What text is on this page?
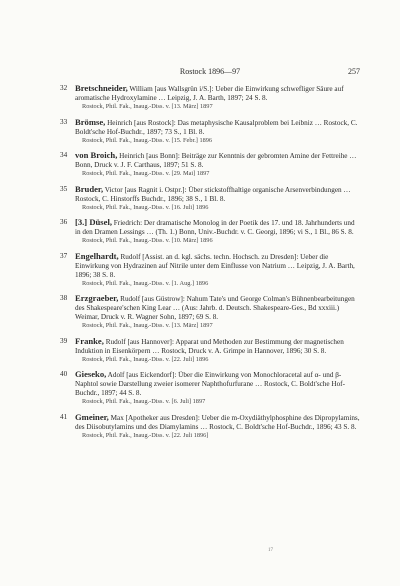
Rostock 1896—97	257
32 Bretschneider, William [aus Wallsgrün i/S.]: Ueber die Einwirkung schwefliger Säure auf aromatische Hydroxylamine … Leipzig, J. A. Barth, 1897; 24 S. 8.
Rostock, Phil. Fak., Inaug.-Diss. v. [13. März] 1897
33 Brömse, Heinrich [aus Rostock]: Das metaphysische Kausalproblem bei Leibniz … Rostock, C. Boldt'sche Hof-Buchdr., 1897; 73 S., 1 Bl. 8.
Rostock, Phil. Fak., Inaug.-Diss. v. [15. Febr.] 1896
34 von Broich, Heinrich [aus Bonn]: Beiträge zur Kenntnis der gebromten Amine der Fettreihe … Bonn, Druck v. J. F. Carthaus, 1897; 51 S. 8.
Rostock, Phil. Fak., Inaug.-Diss. v. [29. Mai] 1897
35 Bruder, Victor [aus Ragnit i. Ostpr.]: Über stickstoffhaltige organische Arsenverbindungen … Rostock, C. Hinstorffs Buchdr., 1896; 38 S., 1 Bl. 8.
Rostock, Phil. Fak., Inaug.-Diss. v. [16. Juli] 1896
36 [3.] Düsel, Friedrich: Der dramatische Monolog in der Poetik des 17. und 18. Jahrhunderts und in den Dramen Lessings … (Th. 1.) Bonn, Univ.-Buchdr. v. C. Georgi, 1896; vi S., 1 Bl., 86 S. 8.
Rostock, Phil. Fak., Inaug.-Diss. v. [10. März] 1896
37 Engelhardt, Rudolf [Assist. an d. kgl. sächs. techn. Hochsch. zu Dresden]: Ueber die Einwirkung von Hydrazinen auf Nitrile unter dem Einflusse von Natrium … Leipzig, J. A. Barth, 1896; 38 S. 8.
Rostock, Phil. Fak., Inaug.-Diss. v. [1. Aug.] 1896
38 Erzgraeber, Rudolf [aus Güstrow]: Nahum Tate's und George Colman's Bühnenbearbeitungen des Shakespeare'schen King Lear … (Aus: Jahrb. d. Deutsch. Shakespeare-Ges., Bd xxxiii.) Weimar, Druck v. R. Wagner Sohn, 1897; 69 S. 8.
Rostock, Phil. Fak., Inaug.-Diss. v. [13. März] 1897
39 Franke, Rudolf [aus Hannover]: Apparat und Methoden zur Bestimmung der magnetischen Induktion in Eisenkörpern … Rostock, Druck v. A. Grimpe in Hannover, 1896; 30 S. 8.
Rostock, Phil. Fak., Inaug.-Diss. v. [22. Juli] 1896
40 Gieseko, Adolf [aus Eickendorf]: Über die Einwirkung von Monochloracetal auf α- und β-Naphtol sowie Darstellung zweier isomerer Naphthofurfurane … Rostock, C. Boldt'sche Hof-Buchdr., 1897; 44 S. 8.
Rostock, Phil. Fak., Inaug.-Diss. v. [6. Juli] 1897
41 Gmeiner, Max [Apotheker aus Dresden]: Ueber die m-Oxydiäthylphosphine des Dipropylamins, des Diisobutylamins und des Diamylamins … Rostock, C. Boldt'sche Hof-Buchdr., 1896; 43 S. 8.
Rostock, Phil. Fak., Inaug.-Diss. v. [22. Juli 1896]
17
